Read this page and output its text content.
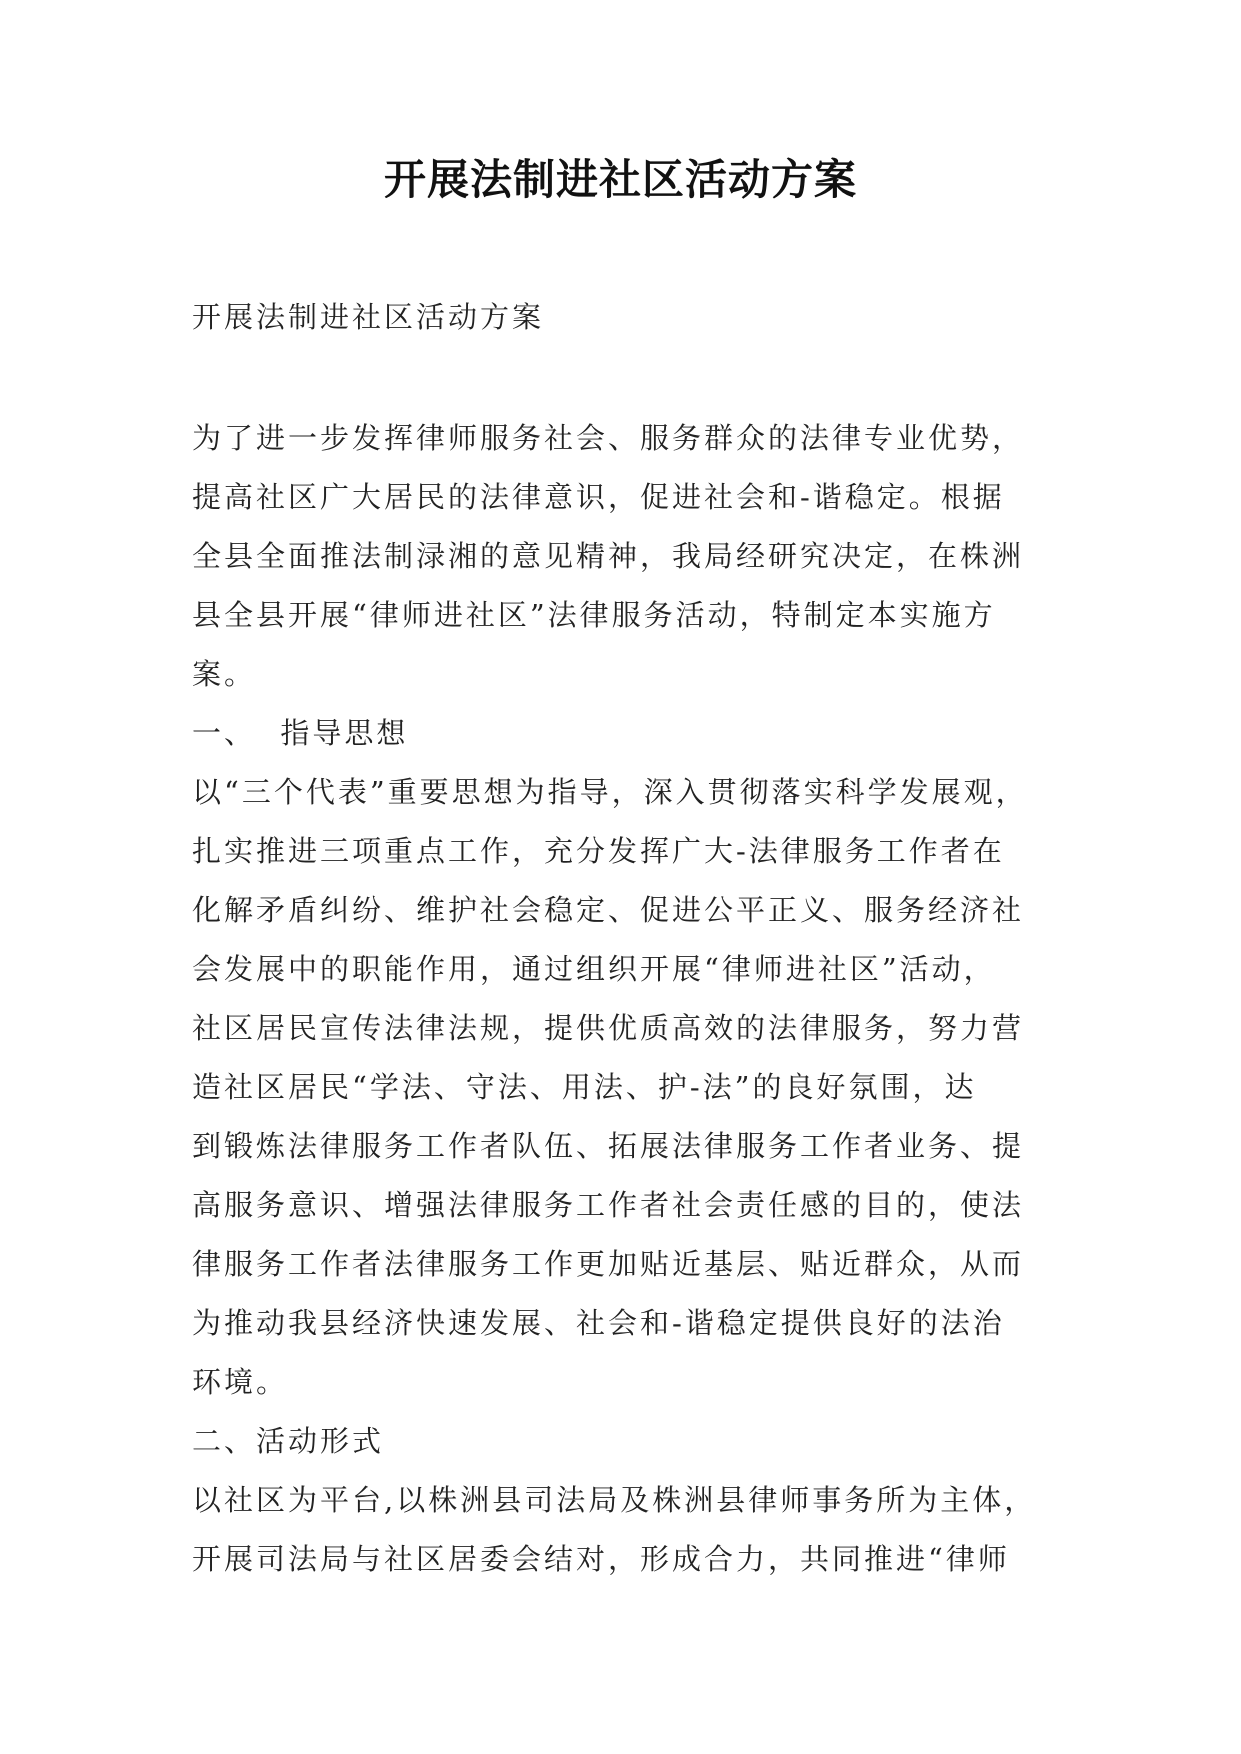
开展法制进社区活动方案
开展法制进社区活动方案
为了进一步发挥律师服务社会、服务群众的法律专业优势，
提高社区广大居民的法律意识，促进社会和-谐稳定。根据
全县全面推法制渌湘的意见精神，我局经研究决定，在株洲
县全县开展“律师进社区”法律服务活动，特制定本实施方
案。
一、  指导思想
以“三个代表”重要思想为指导，深入贯彻落实科学发展观，
扎实推进三项重点工作，充分发挥广大-法律服务工作者在
化解矛盾纠纷、维护社会稳定、促进公平正义、服务经济社
会发展中的职能作用，通过组织开展“律师进社区”活动，
社区居民宣传法律法规，提供优质高效的法律服务，努力营
造社区居民“学法、守法、用法、护-法”的良好氛围，达
到锻炼法律服务工作者队伍、拓展法律服务工作者业务、提
高服务意识、增强法律服务工作者社会责任感的目的，使法
律服务工作者法律服务工作更加贴近基层、贴近群众，从而
为推动我县经济快速发展、社会和-谐稳定提供良好的法治
环境。
二、活动形式
以社区为平台,以株洲县司法局及株洲县律师事务所为主体，
开展司法局与社区居委会结对，形成合力，共同推进“律师
